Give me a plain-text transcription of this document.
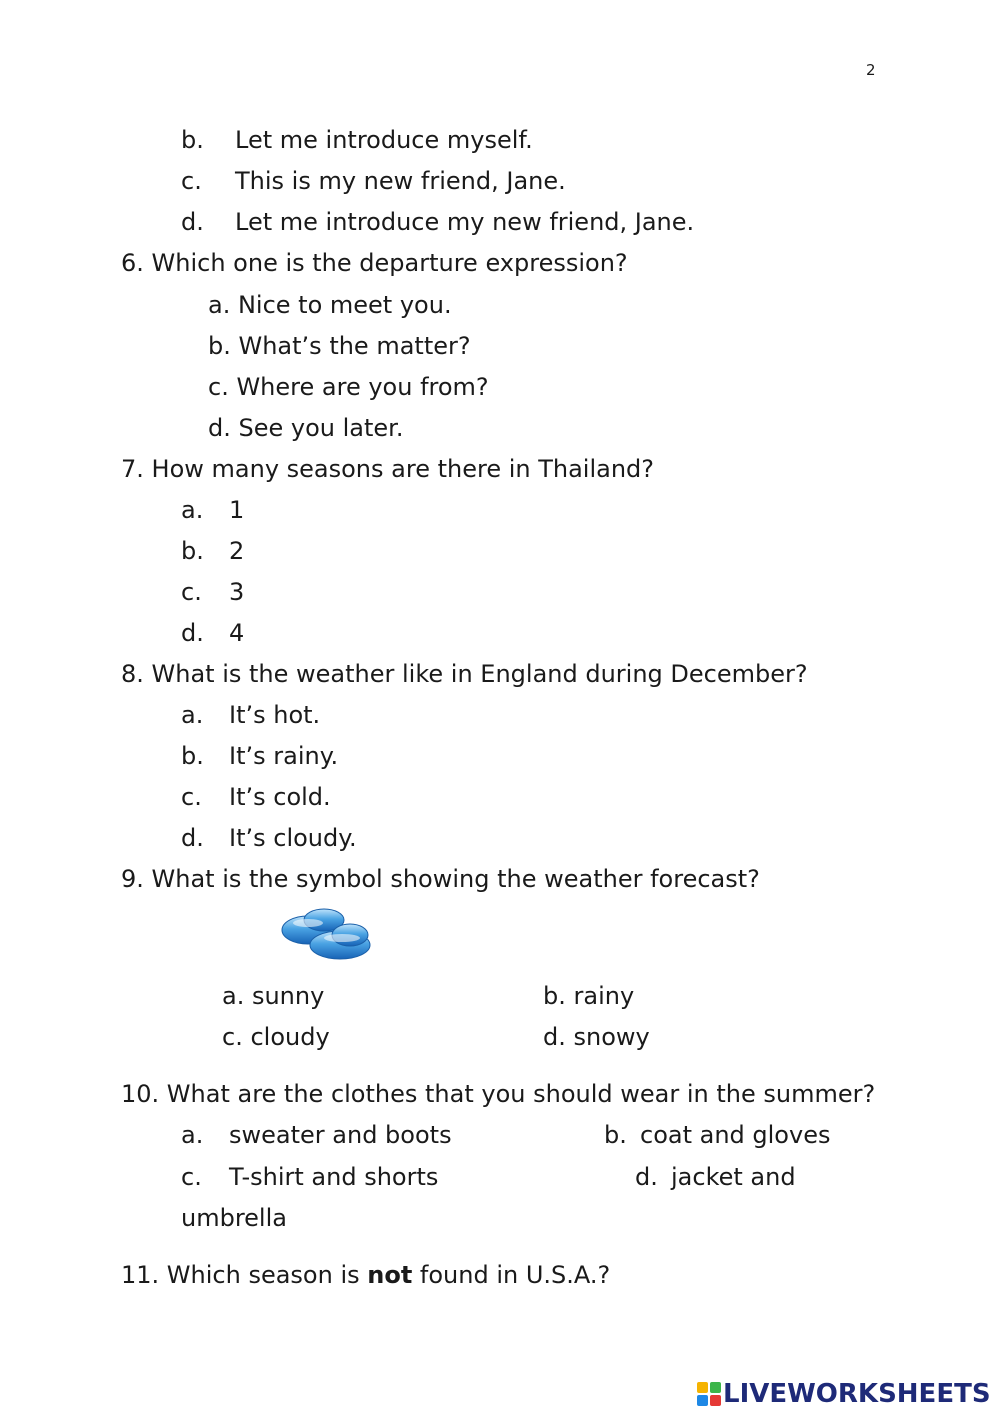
2
b. Let me introduce myself.
c. This is my new friend, Jane.
d. Let me introduce my new friend, Jane.
6. Which one is the departure expression?
a. Nice to meet you.
b. What’s the matter?
c. Where are you from?
d. See you later.
7. How many seasons are there in Thailand?
a. 1
b. 2
c. 3
d. 4
8. What is the weather like in England during December?
a. It’s hot.
b. It’s rainy.
c. It’s cold.
d. It’s cloudy.
9. What is the symbol showing the weather forecast?
a. sunny	b. rainy
c. cloudy	d. snowy
10. What are the clothes that you should wear in the summer?
a. sweater and boots	b. coat and gloves
c. T-shirt and shorts	d. jacket and
umbrella
11. Which season is not found in U.S.A.?
LIVEWORKSHEETS
